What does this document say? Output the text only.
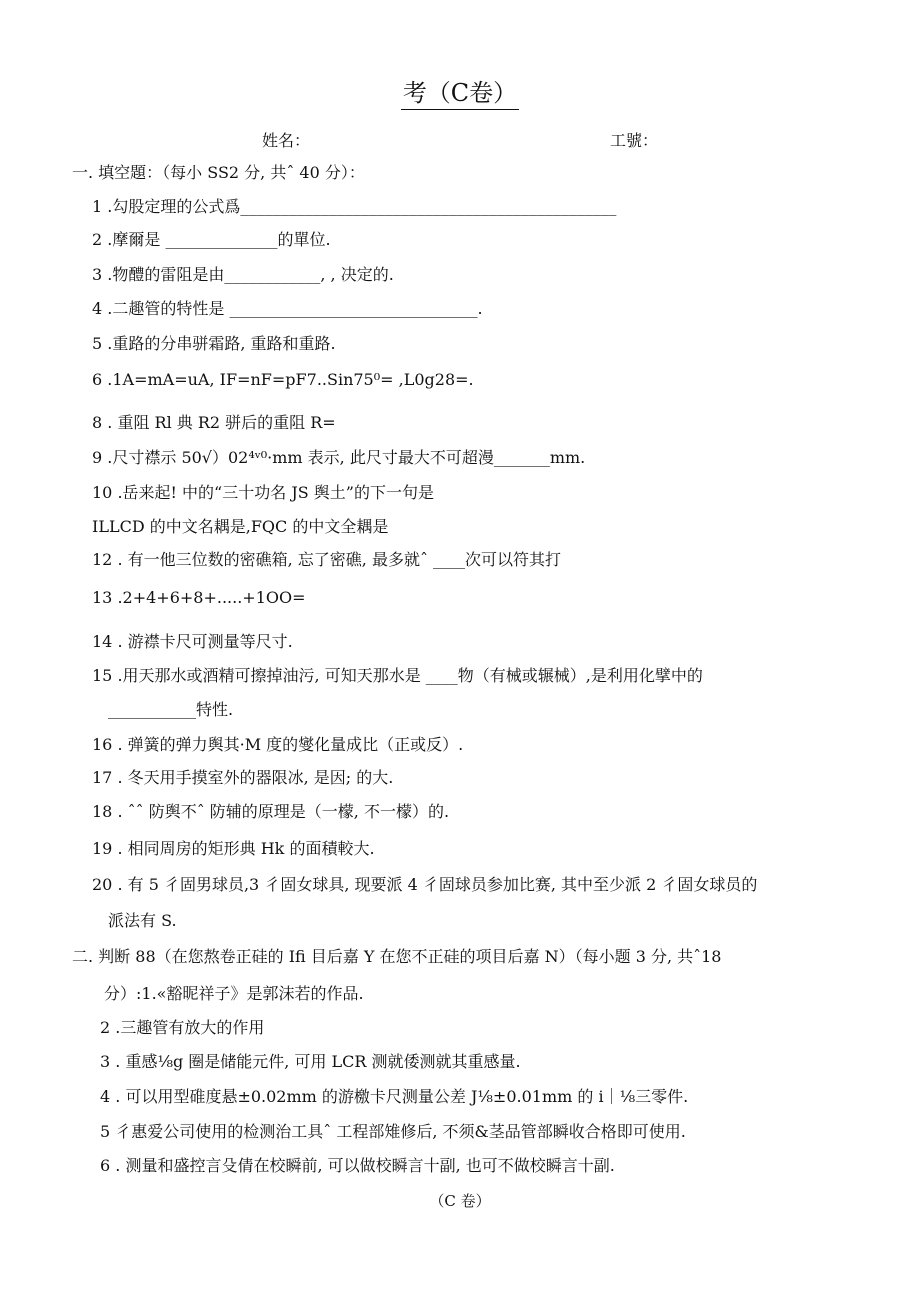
考（C卷）
姓名：	工號：
一. 填空題：（每小 SS2 分, 共ˆ 40 分）：
1 .勾股定理的公式爲_______________________________________________
2 .摩爾是 ______________的單位.
3 .物醴的雷阻是由____________, , 决定的.
4 .二趣管的特性是 _______________________________.
5 .重路的分串骈霜路, 重路和重路.
6 .1A=mA=uA, IF=nF=pF7..Sin75⁰= ,L0g28=.
8 . 重阻 Rl 典 R2 骈后的重阻 R=
9 .尺寸襟示 50√）02⁴ᵛ⁰·mm 表示, 此尺寸最大不可超漫_______mm.
10 .岳来起! 中的“三十功名 JS 舆土”的下一句是
ILLCD 的中文名耦是,FQC 的中文全耦是
12 . 有一他三位数的密礁箱, 忘了密礁, 最多就ˆ ____次可以符其打
13 .2+4+6+8+.....+1OO=
14 . 游襟卡尺可测量等尺寸.
15 .用天那水或酒精可擦掉油污, 可知天那水是 ____物（有械或辗械）,是利用化擘中的
___________特性.
16 . 弹簧的弹力舆其·M 度的燮化量成比（正或反）.
17 . 冬天用手摸室外的器限冰, 是因; 的大.
18 . ˆˆ 防舆不ˆ 防辅的原理是（一檬, 不一檬）的.
19 . 相同周房的矩形典 Hk 的面積較大.
20 . 有 5 彳固男球员,3 彳固女球具, 现要派 4 彳固球员参加比赛, 其中至少派 2 彳固女球员的
派法有 S.
二. 判断 88（在您熬卷正硅的 Ifi 目后嘉 Y 在您不正硅的项目后嘉 N）（每小题 3 分, 共ˆ18
分）:1.«豁昵祥子》是郭沫若的作品.
2 .三趣管有放大的作用
3 . 重感⅛g 圈是储能元件, 可用 LCR 测就倭测就其重感量.
4 . 可以用型碓度悬±0.02mm 的游檄卡尺测量公差 J⅛±0.01mm 的 i｜⅛三零件.
5 彳惠爱公司使用的检测治工具ˆ 工程部雉修后, 不须&茎品管部瞬收合格即可使用.
6 . 测量和盛控言殳倩在校瞬前, 可以做校瞬言十副, 也可不做校瞬言十副.
（C 卷）
